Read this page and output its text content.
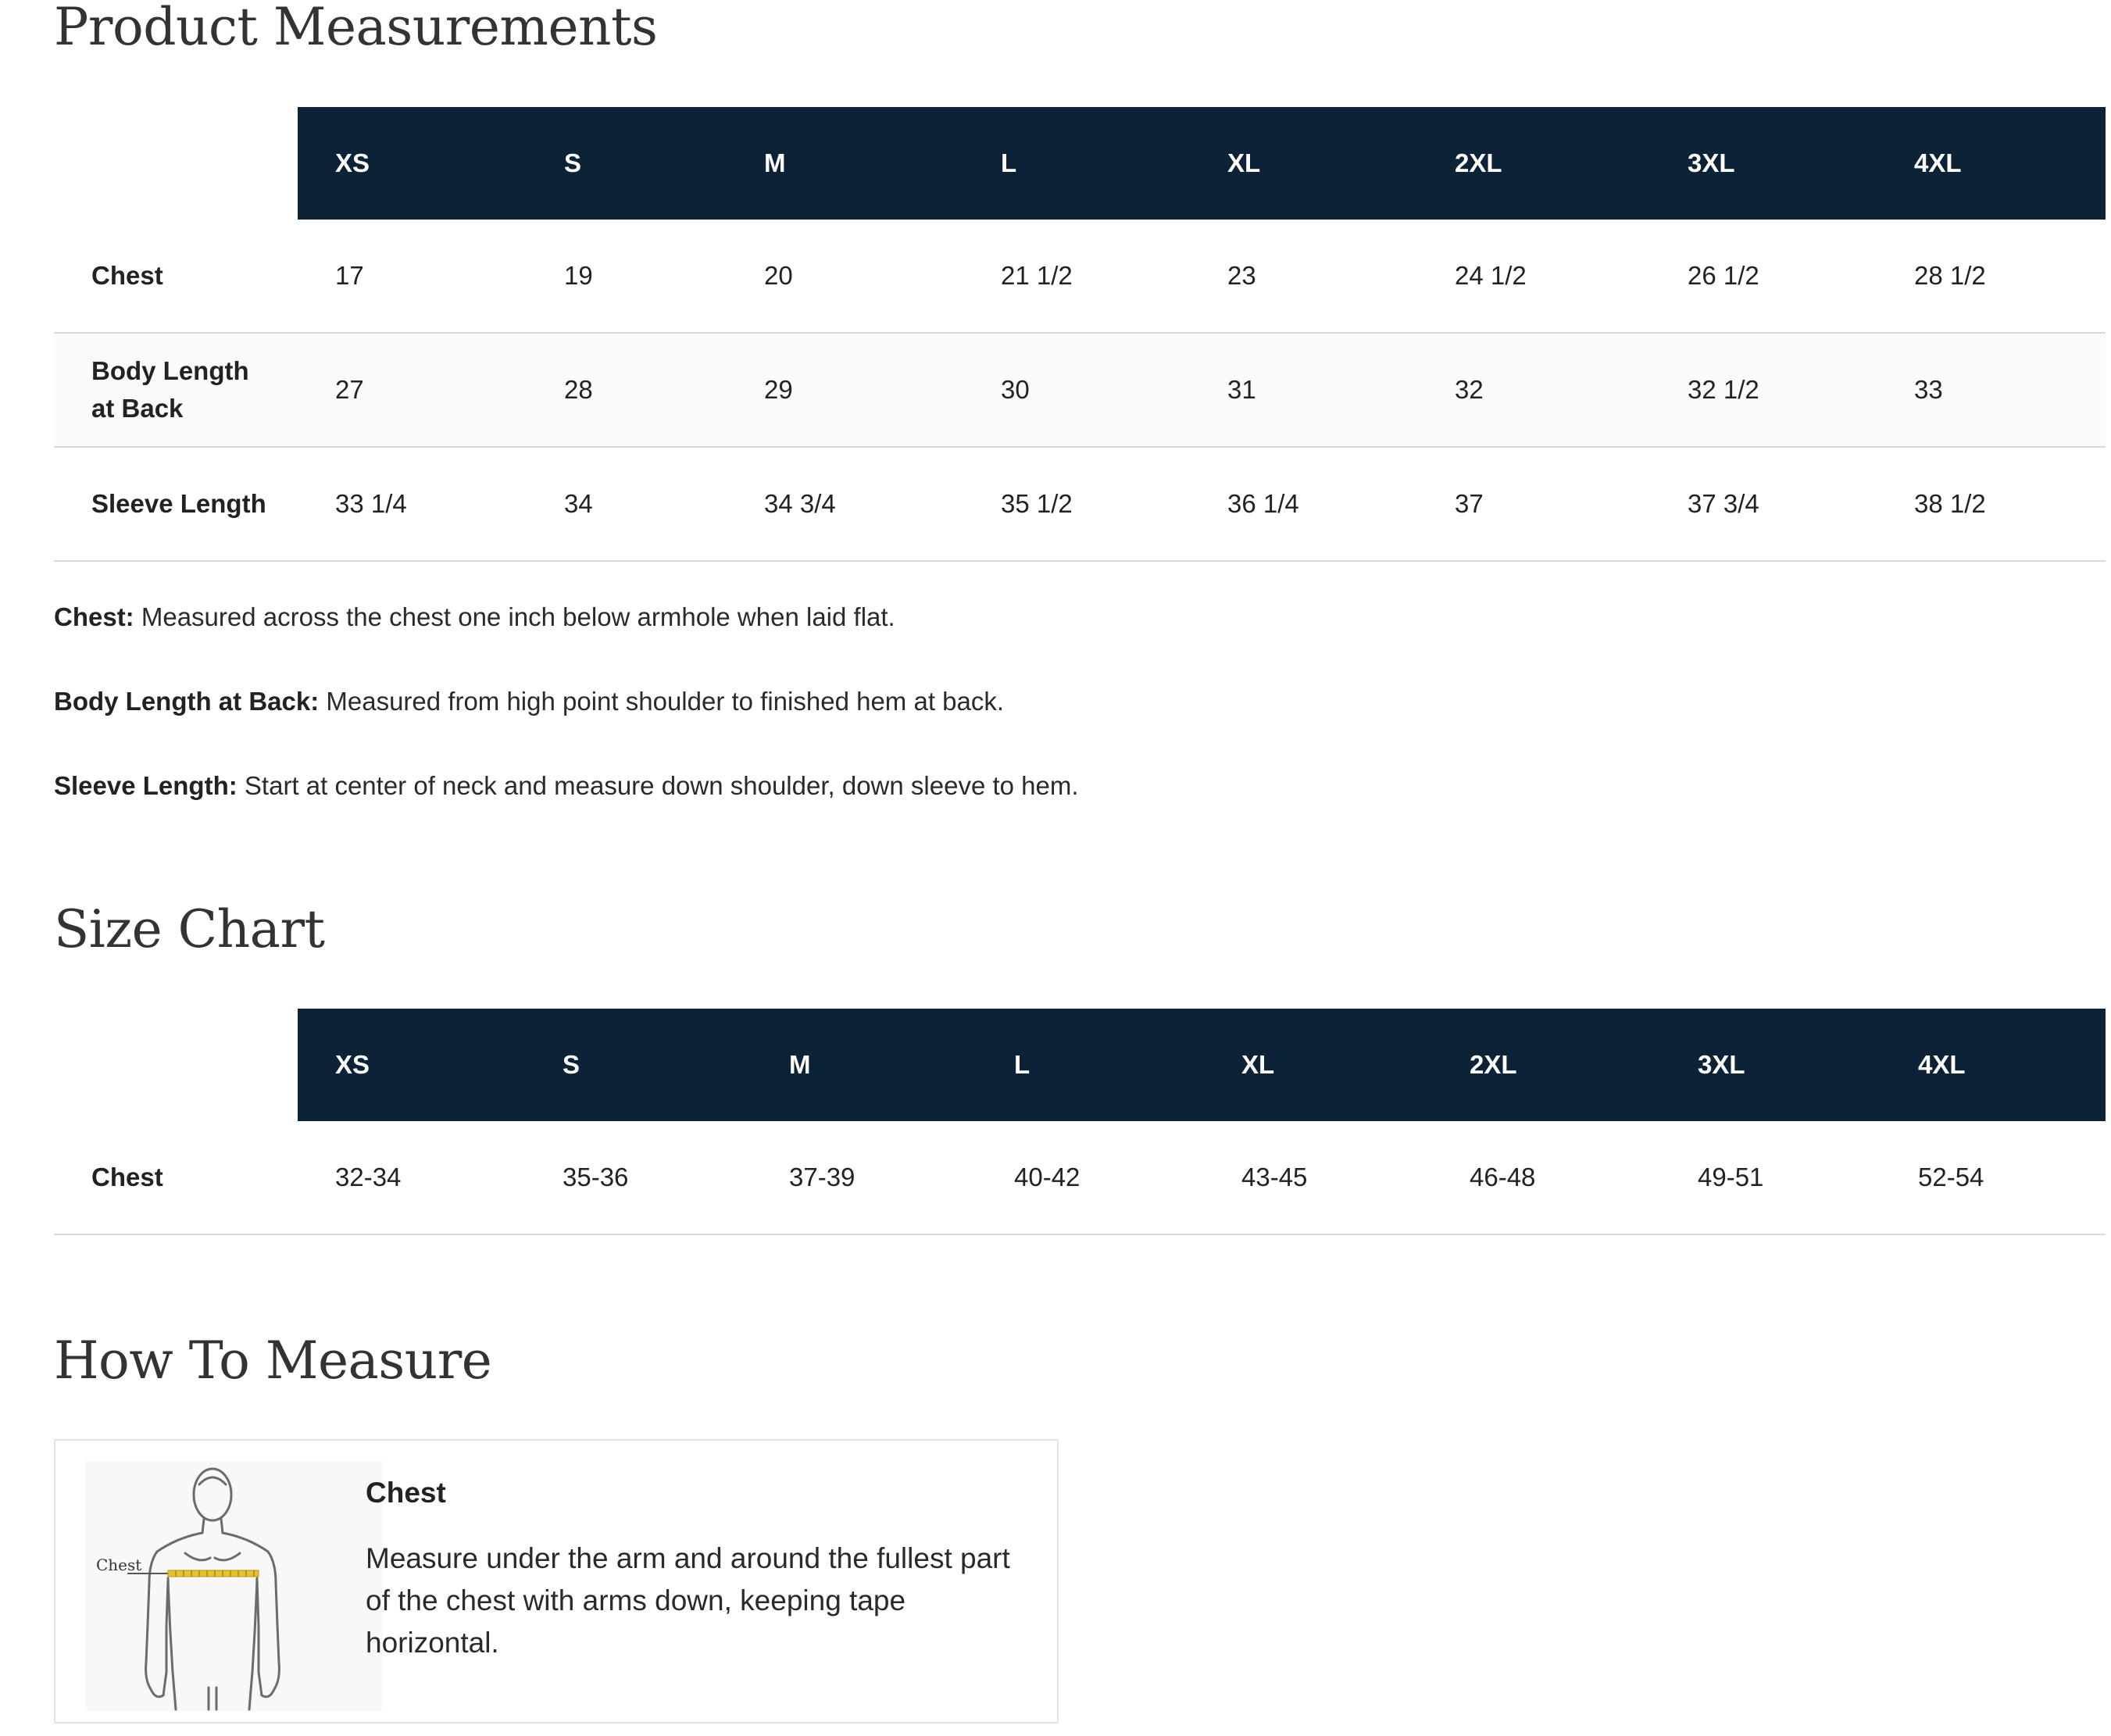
Product Measurements
	XS	S	M	L	XL	2XL	3XL	4XL
Chest	17	19	20	21 1/2	23	24 1/2	26 1/2	28 1/2
Body Length at Back	27	28	29	30	31	32	32 1/2	33
Sleeve Length	33 1/4	34	34 3/4	35 1/2	36 1/4	37	37 3/4	38 1/2

Chest: Measured across the chest one inch below armhole when laid flat.

Body Length at Back: Measured from high point shoulder to finished hem at back.

Sleeve Length: Start at center of neck and measure down shoulder, down sleeve to hem.

Size Chart
	XS	S	M	L	XL	2XL	3XL	4XL
Chest	32-34	35-36	37-39	40-42	43-45	46-48	49-51	52-54
How To Measure
Chest
Chest
Measure under the arm and around the fullest part of the chest with arms down, keeping tape horizontal.
